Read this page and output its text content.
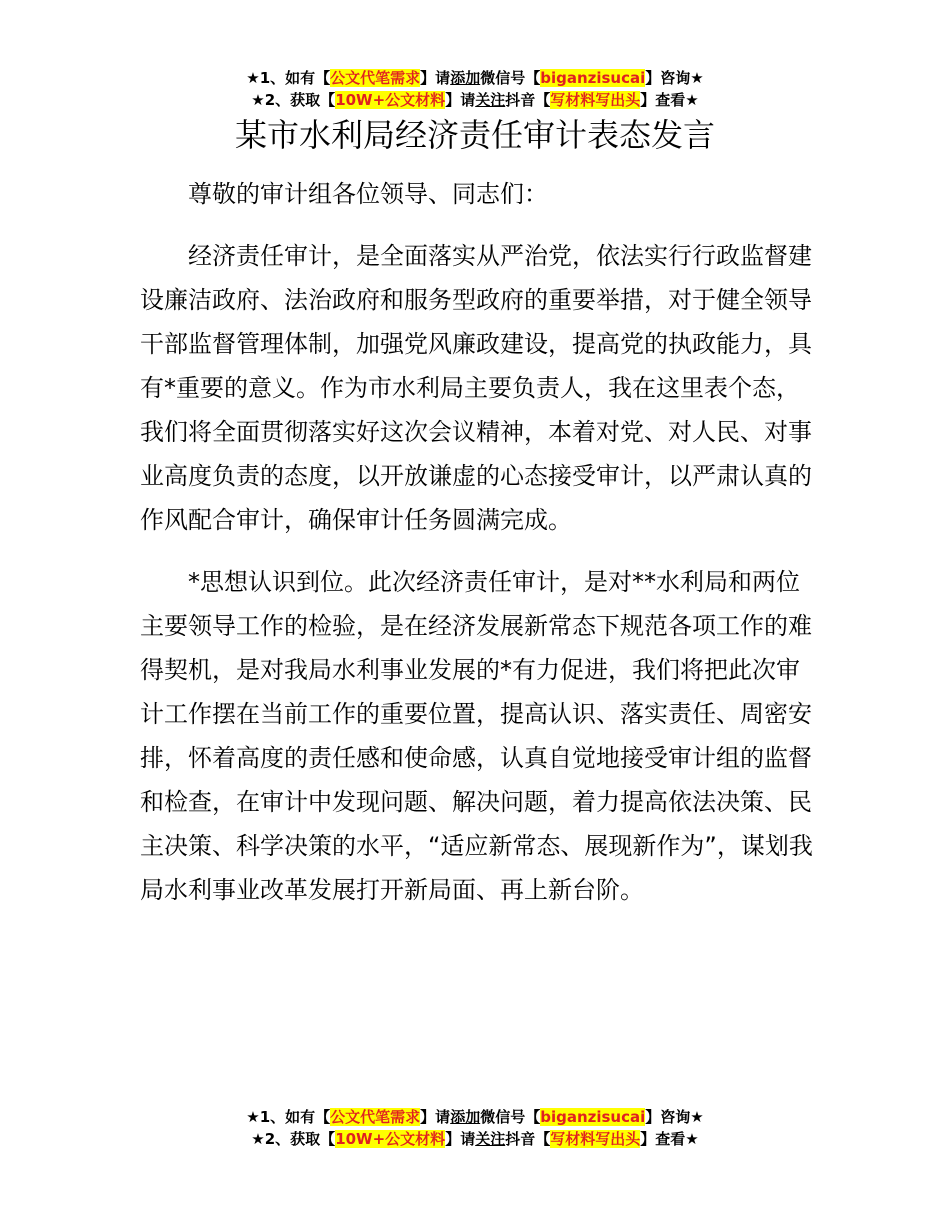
★1、如有【公文代笔需求】请添加微信号【biganzisucai】咨询★
★2、获取【10W+公文材料】请关注抖音【写材料写出头】查看★
某市水利局经济责任审计表态发言

尊敬的审计组各位领导、同志们：

经济责任审计，是全面落实从严治党，依法实行行政监督建设廉洁政府、法治政府和服务型政府的重要举措，对于健全领导干部监督管理体制，加强党风廉政建设，提高党的执政能力，具有*重要的意义。作为市水利局主要负责人，我在这里表个态，我们将全面贯彻落实好这次会议精神，本着对党、对人民、对事业高度负责的态度，以开放谦虚的心态接受审计，以严肃认真的作风配合审计，确保审计任务圆满完成。

*思想认识到位。此次经济责任审计，是对**水利局和两位主要领导工作的检验，是在经济发展新常态下规范各项工作的难得契机，是对我局水利事业发展的*有力促进，我们将把此次审计工作摆在当前工作的重要位置，提高认识、落实责任、周密安排，怀着高度的责任感和使命感，认真自觉地接受审计组的监督和检查，在审计中发现问题、解决问题，着力提高依法决策、民主决策、科学决策的水平，“适应新常态、展现新作为”，谋划我局水利事业改革发展打开新局面、再上新台阶。

★1、如有【公文代笔需求】请添加微信号【biganzisucai】咨询★
★2、获取【10W+公文材料】请关注抖音【写材料写出头】查看★
